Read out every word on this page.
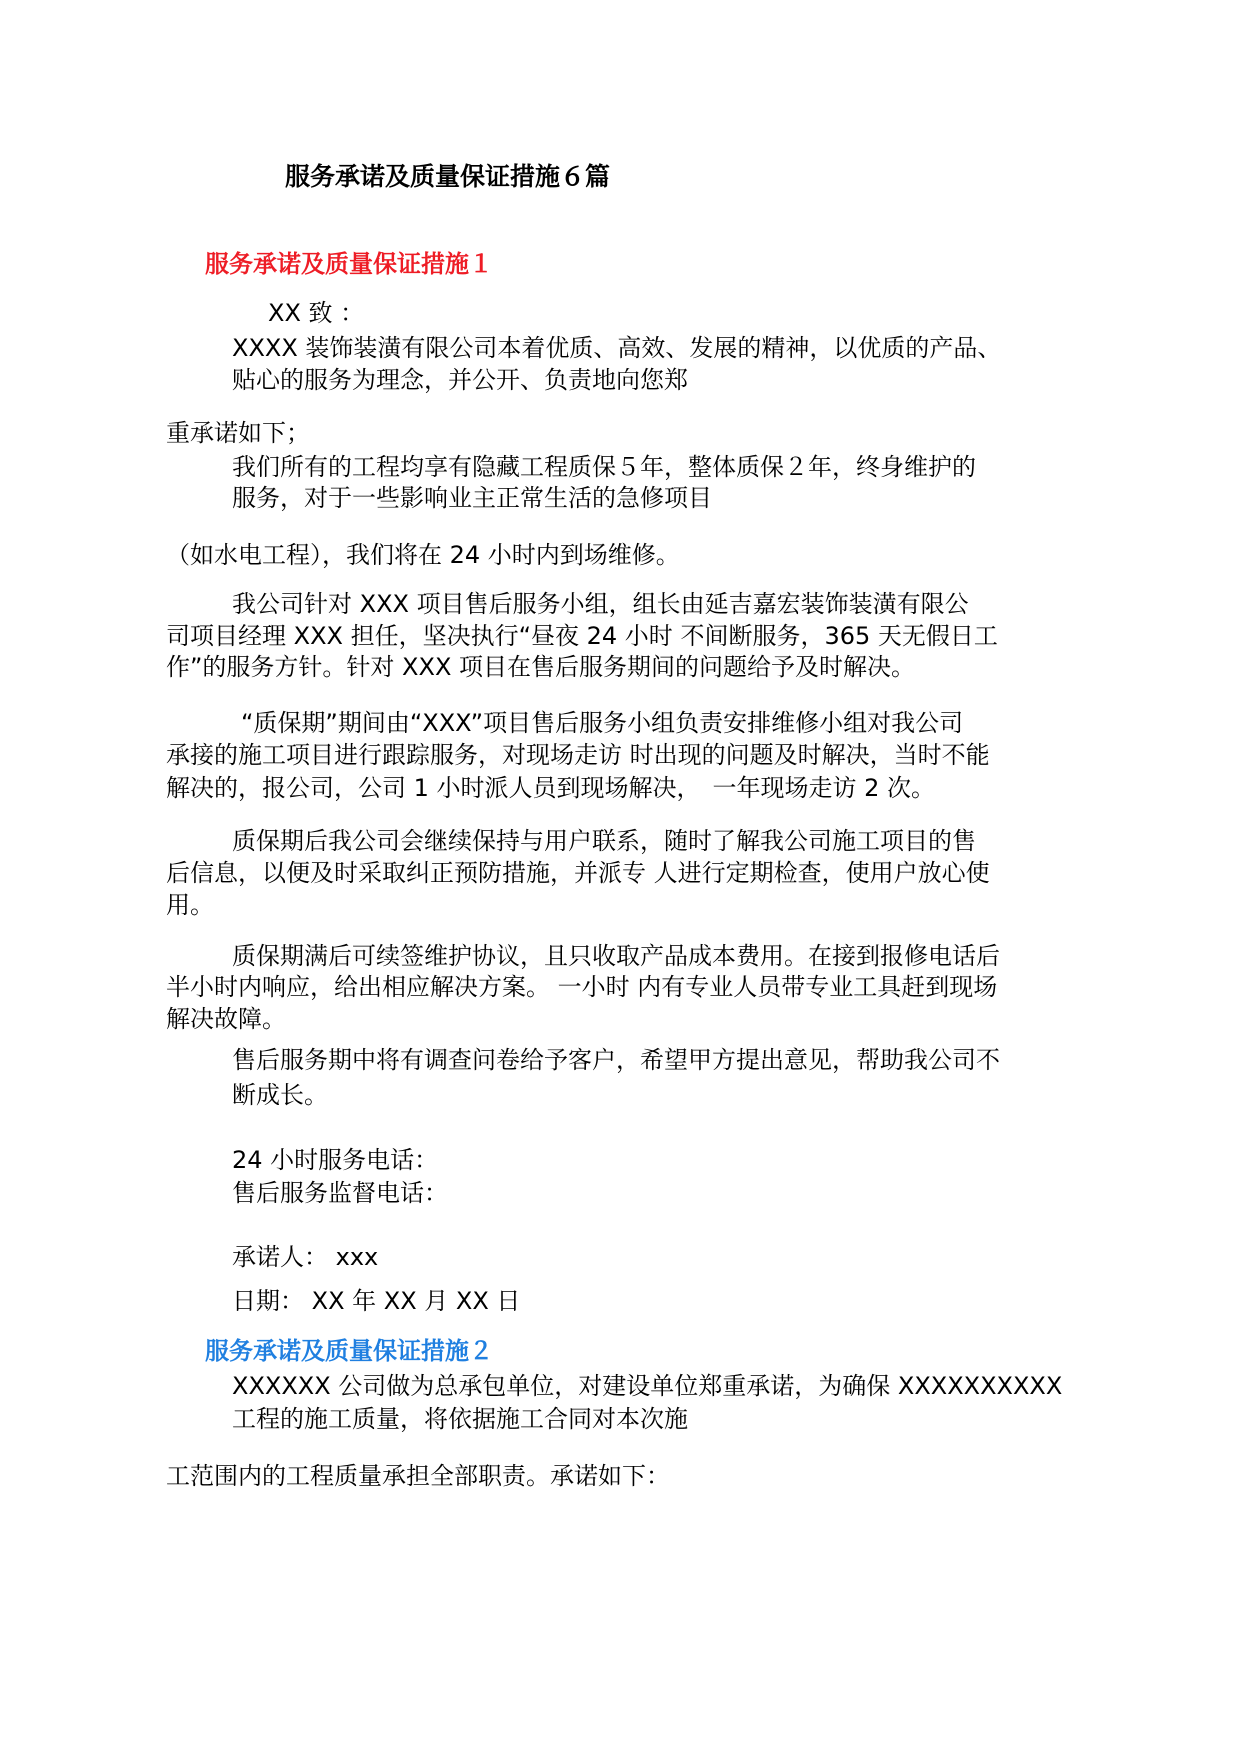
服务承诺及质量保证措施６篇
服务承诺及质量保证措施１
XX 致 ：
XXXX 装饰装潢有限公司本着优质、高效、发展的精神，以优质的产品、
贴心的服务为理念，并公开、负责地向您郑
重承诺如下；
我们所有的工程均享有隐藏工程质保５年，整体质保２年，终身维护的
服务，对于一些影响业主正常生活的急修项目
（如水电工程），我们将在 24 小时内到场维修。
我公司针对 XXX 项目售后服务小组，组长由延吉嘉宏装饰装潢有限公
司项目经理 XXX 担任，坚决执行“昼夜 24 小时 不间断服务，365 天无假日工
作”的服务方针。针对 XXX 项目在售后服务期间的问题给予及时解决。
“质保期”期间由“XXX”项目售后服务小组负责安排维修小组对我公司
承接的施工项目进行跟踪服务，对现场走访 时出现的问题及时解决，当时不能
解决的，报公司，公司 1 小时派人员到现场解决，　一年现场走访 2 次。
质保期后我公司会继续保持与用户联系，随时了解我公司施工项目的售
后信息，以便及时采取纠正预防措施，并派专 人进行定期检查，使用户放心使
用。
质保期满后可续签维护协议，且只收取产品成本费用。在接到报修电话后
半小时内响应，给出相应解决方案。 一小时 内有专业人员带专业工具赶到现场
解决故障。
售后服务期中将有调查问卷给予客户，希望甲方提出意见，帮助我公司不
断成长。
24 小时服务电话：
售后服务监督电话：
承诺人： xxx
日期： XX 年 XX 月 XX 日
服务承诺及质量保证措施２
XXXXXX 公司做为总承包单位，对建设单位郑重承诺，为确保 XXXXXXXXXX
工程的施工质量，将依据施工合同对本次施
工范围内的工程质量承担全部职责。承诺如下：
